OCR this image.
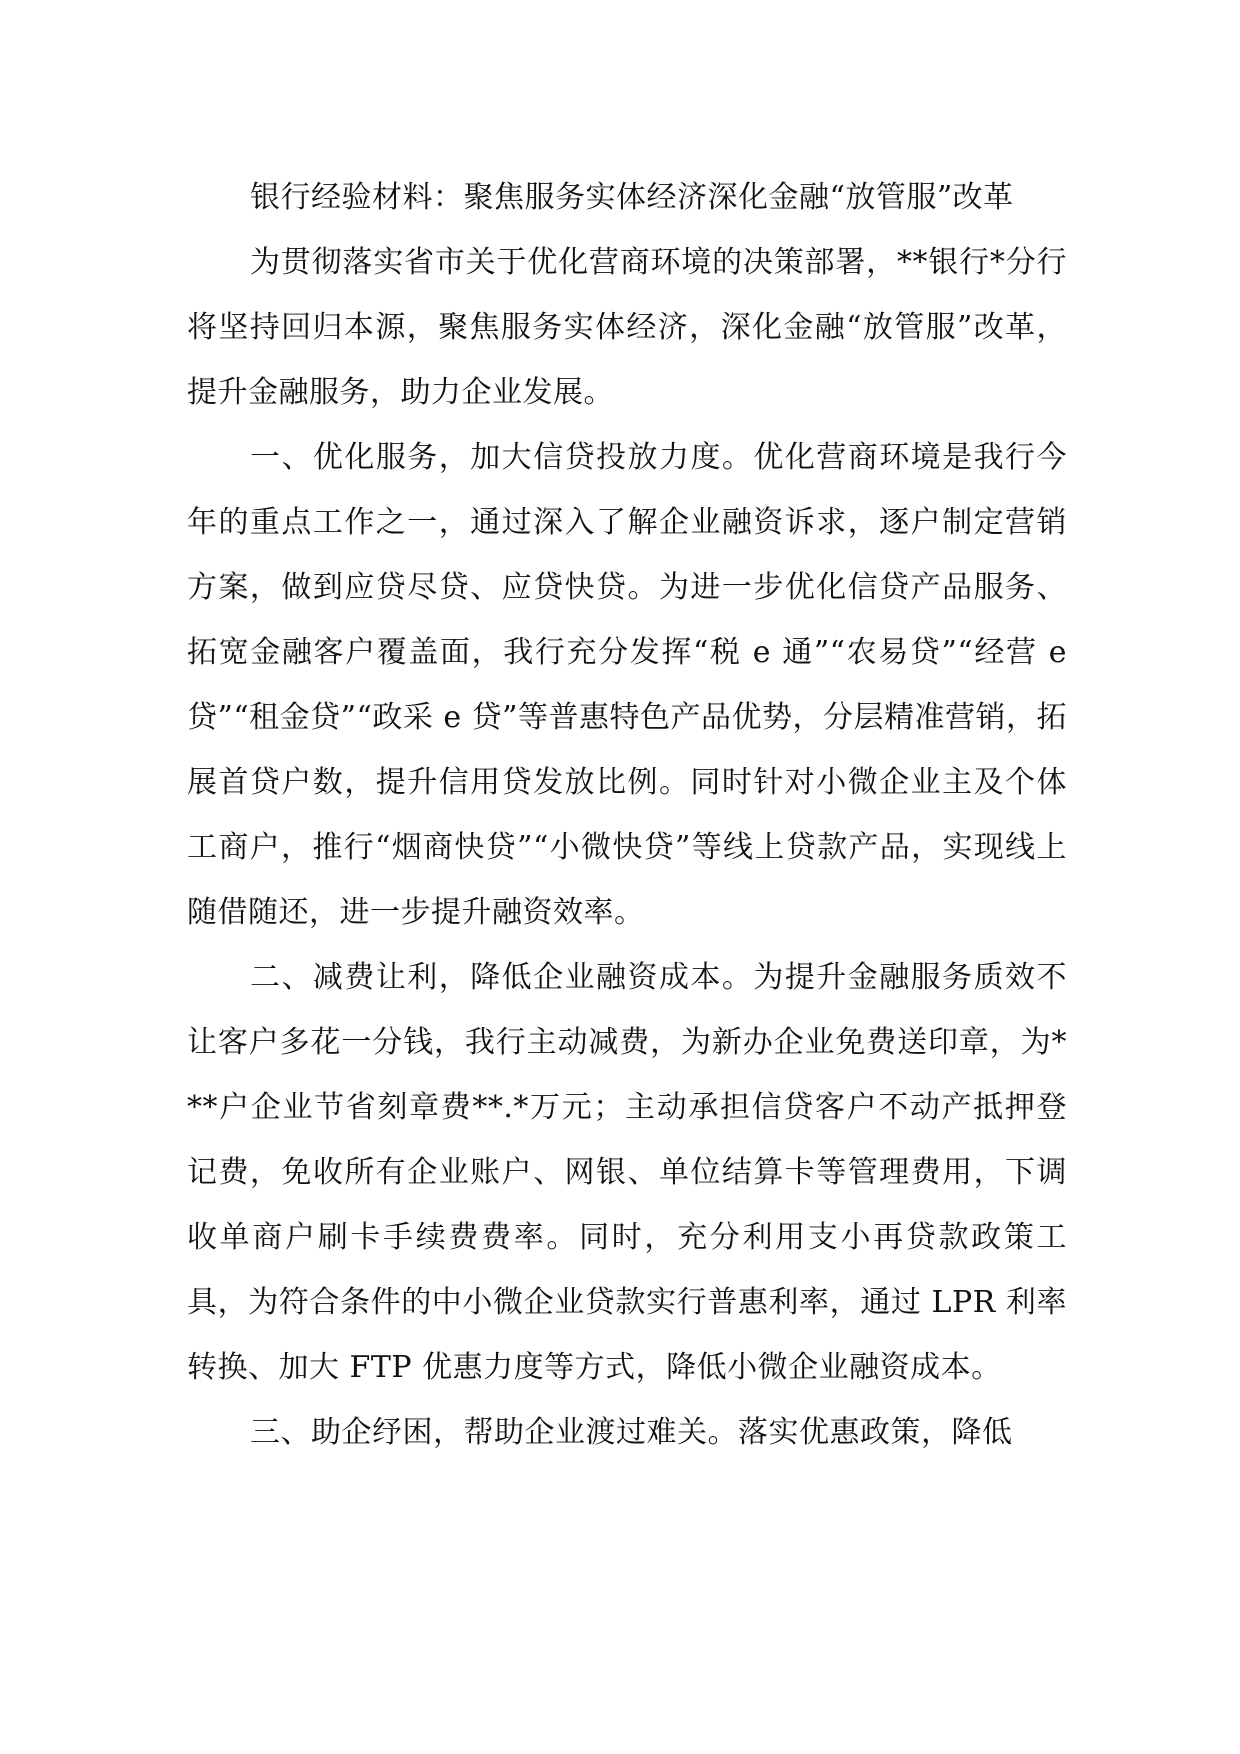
银行经验材料：聚焦服务实体经济深化金融“放管服”改革

为贯彻落实省市关于优化营商环境的决策部署，**银行*分行将坚持回归本源，聚焦服务实体经济，深化金融“放管服”改革，提升金融服务，助力企业发展。

一、优化服务，加大信贷投放力度。优化营商环境是我行今年的重点工作之一，通过深入了解企业融资诉求，逐户制定营销方案，做到应贷尽贷、应贷快贷。为进一步优化信贷产品服务、拓宽金融客户覆盖面，我行充分发挥“税 e 通”“农易贷”“经营 e 贷”“租金贷”“政采 e 贷”等普惠特色产品优势，分层精准营销，拓展首贷户数，提升信用贷发放比例。同时针对小微企业主及个体工商户，推行“烟商快贷”“小微快贷”等线上贷款产品，实现线上随借随还，进一步提升融资效率。

二、减费让利，降低企业融资成本。为提升金融服务质效不让客户多花一分钱，我行主动减费，为新办企业免费送印章，为***户企业节省刻章费**.*万元；主动承担信贷客户不动产抵押登记费，免收所有企业账户、网银、单位结算卡等管理费用，下调收单商户刷卡手续费费率。同时，充分利用支小再贷款政策工具，为符合条件的中小微企业贷款实行普惠利率，通过 LPR 利率转换、加大 FTP 优惠力度等方式，降低小微企业融资成本。

三、助企纾困，帮助企业渡过难关。落实优惠政策，降低
